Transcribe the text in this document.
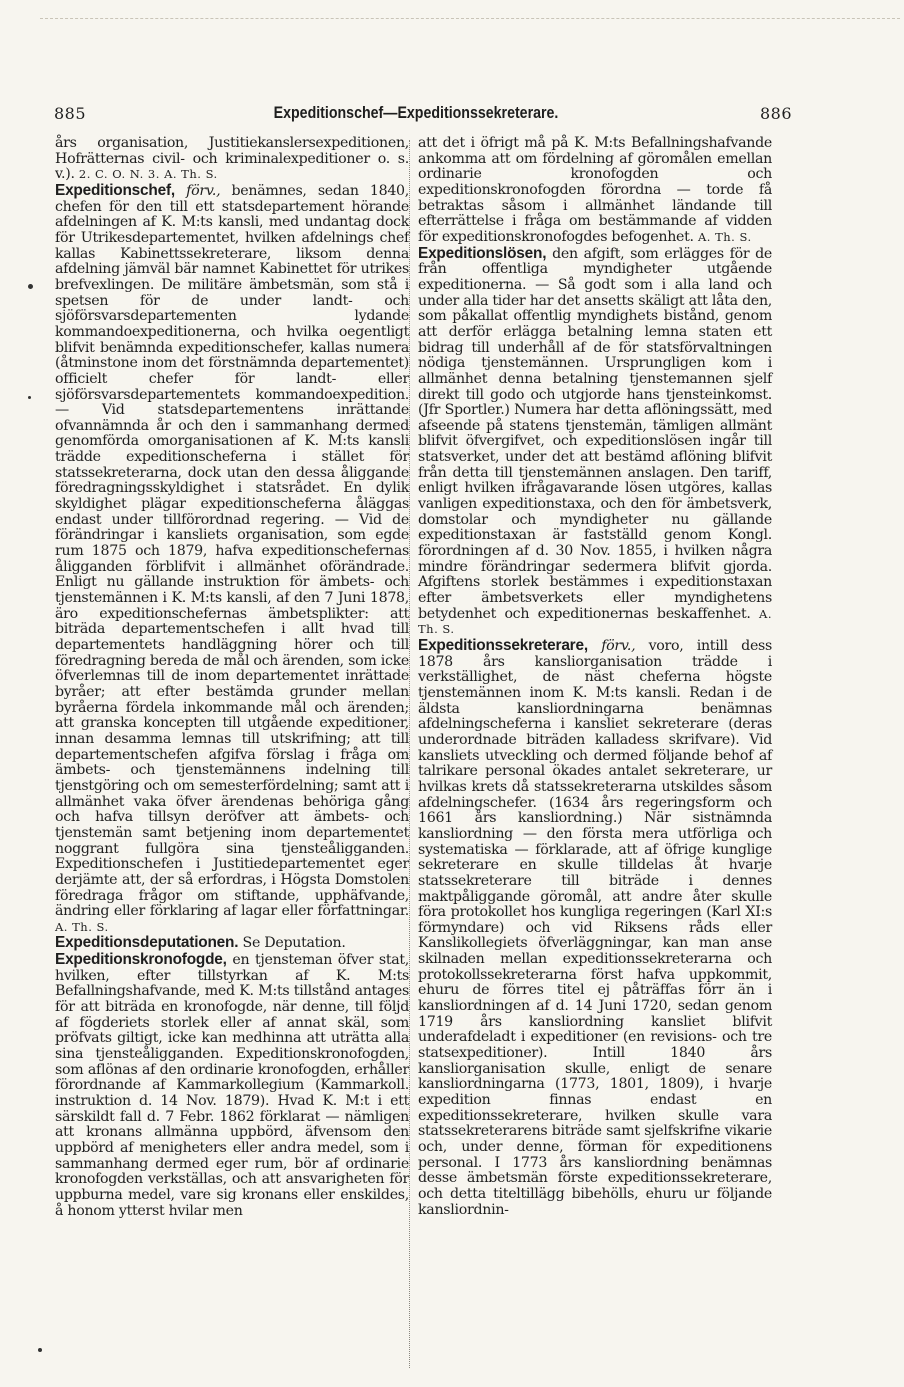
885	Expeditionschef—Expeditionssekreterare.	886

års organisation, Justitiekanslersexpeditionen, Hofrätternas civil- och kriminalexpeditioner o. s. v.). 2. C. O. N. 3. A. Th. S.

Expeditionschef, förv., benämnes, sedan 1840, chefen för den till ett statsdepartement hörande afdelningen af K. M:ts kansli, med undantag dock för Utrikesdepartementet, hvilken afdelnings chef kallas Kabinettssekreterare, liksom denna afdelning jämväl bär namnet Kabinettet för utrikes brefvexlingen. De militäre ämbetsmän, som stå i spetsen för de under landt- och sjöförsvarsdepartementen lydande kommandoexpeditionerna, och hvilka oegentligt blifvit benämnda expeditionschefer, kallas numera (åtminstone inom det förstnämnda departementet) officielt chefer för landt- eller sjöförsvarsdepartementets kommandoexpedition. — Vid statsdepartementens inrättande ofvannämnda år och den i sammanhang dermed genomförda omorganisationen af K. M:ts kansli trädde expeditionscheferna i stället för statssekreterarna, dock utan den dessa åliggande föredragningsskyldighet i statsrådet. En dylik skyldighet plägar expeditionscheferna åläggas endast under tillförordnad regering. — Vid de förändringar i kansliets organisation, som egde rum 1875 och 1879, hafva expeditionschefernas åligganden förblifvit i allmänhet oförändrade. Enligt nu gällande instruktion för ämbets- och tjenstemännen i K. M:ts kansli, af den 7 Juni 1878, äro expeditionschefernas ämbetsplikter: att biträda departementschefen i allt hvad till departementets handläggning hörer och till föredragning bereda de mål och ärenden, som icke öfverlemnas till de inom departementet inrättade byråer; att efter bestämda grunder mellan byråerna fördela inkommande mål och ärenden; att granska koncepten till utgående expeditioner, innan desamma lemnas till utskrifning; att till departementschefen afgifva förslag i fråga om ämbets- och tjenstemännens indelning till tjenstgöring och om semesterfördelning; samt att i allmänhet vaka öfver ärendenas behöriga gång och hafva tillsyn deröfver att ämbets- och tjenstemän samt betjening inom departementet noggrant fullgöra sina tjensteåligganden. Expeditionschefen i Justitiedepartementet eger derjämte att, der så erfordras, i Högsta Domstolen föredraga frågor om stiftande, upphäfvande, ändring eller förklaring af lagar eller författningar. A. Th. S.

Expeditionsdeputationen. Se Deputation.

Expeditionskronofogde, en tjensteman öfver stat, hvilken, efter tillstyrkan af K. M:ts Befallningshafvande, med K. M:ts tillstånd antages för att biträda en kronofogde, när denne, till följd af fögderiets storlek eller af annat skäl, som pröfvats giltigt, icke kan medhinna att uträtta alla sina tjensteåligganden. Expeditionskronofogden, som aflönas af den ordinarie kronofogden, erhåller förordnande af Kammarkollegium (Kammarkoll. instruktion d. 14 Nov. 1879). Hvad K. M:t i ett särskildt fall d. 7 Febr. 1862 förklarat — nämligen att kronans allmänna uppbörd, äfvensom den uppbörd af menigheters eller andra medel, som i sammanhang dermed eger rum, bör af ordinarie kronofogden verkställas, och att ansvarigheten för uppburna medel, vare sig kronans eller enskildes, å honom ytterst hvilar men

att det i öfrigt må på K. M:ts Befallningshafvande ankomma att om fördelning af göromålen emellan ordinarie kronofogden och expeditionskronofogden förordna — torde få betraktas såsom i allmänhet ländande till efterrättelse i fråga om bestämmande af vidden för expeditionskronofogdes befogenhet. A. Th. S.

Expeditionslösen, den afgift, som erlägges för de från offentliga myndigheter utgående expeditionerna. — Så godt som i alla land och under alla tider har det ansetts skäligt att låta den, som påkallat offentlig myndighets bistånd, genom att derför erlägga betalning lemna staten ett bidrag till underhåll af de för statsförvaltningen nödiga tjenstemännen. Ursprungligen kom i allmänhet denna betalning tjenstemannen sjelf direkt till godo och utgjorde hans tjensteinkomst. (Jfr Sportler.) Numera har detta aflöningssätt, med afseende på statens tjenstemän, tämligen allmänt blifvit öfvergifvet, och expeditionslösen ingår till statsverket, under det att bestämd aflöning blifvit från detta till tjenstemännen anslagen. Den tariff, enligt hvilken ifrågavarande lösen utgöres, kallas vanligen expeditionstaxa, och den för ämbetsverk, domstolar och myndigheter nu gällande expeditionstaxan är fastställd genom Kongl. förordningen af d. 30 Nov. 1855, i hvilken några mindre förändringar sedermera blifvit gjorda. Afgiftens storlek bestämmes i expeditionstaxan efter ämbetsverkets eller myndighetens betydenhet och expeditionernas beskaffenhet. A. Th. S.

Expeditionssekreterare, förv., voro, intill dess 1878 års kansliorganisation trädde i verkställighet, de näst cheferna högste tjenstemännen inom K. M:ts kansli. Redan i de äldsta kansliordningarna benämnas afdelningscheferna i kansliet sekreterare (deras underordnade biträden kalladess skrifvare). Vid kansliets utveckling och dermed följande behof af talrikare personal ökades antalet sekreterare, ur hvilkas krets då statssekreterarna utskildes såsom afdelningschefer. (1634 års regeringsform och 1661 års kansliordning.) När sistnämnda kansliordning — den första mera utförliga och systematiska — förklarade, att af öfrige kunglige sekreterare en skulle tilldelas åt hvarje statssekreterare till biträde i dennes maktpåliggande göromål, att andre åter skulle föra protokollet hos kungliga regeringen (Karl XI:s förmyndare) och vid Riksens råds eller Kanslikollegiets öfverläggningar, kan man anse skilnaden mellan expeditionssekreterarna och protokollssekreterarna först hafva uppkommit, ehuru de förres titel ej påträffas förr än i kansliordningen af d. 14 Juni 1720, sedan genom 1719 års kansliordning kansliet blifvit underafdeladt i expeditioner (en revisions- och tre statsexpeditioner). Intill 1840 års kansliorganisation skulle, enligt de senare kansliordningarna (1773, 1801, 1809), i hvarje expedition finnas endast en expeditionssekreterare, hvilken skulle vara statssekreterarens biträde samt sjelfskrifne vikarie och, under denne, förman för expeditionens personal. I 1773 års kansliordning benämnas desse ämbetsmän förste expeditionssekreterare, och detta titeltillägg bibehölls, ehuru ur följande kansliordnin-
